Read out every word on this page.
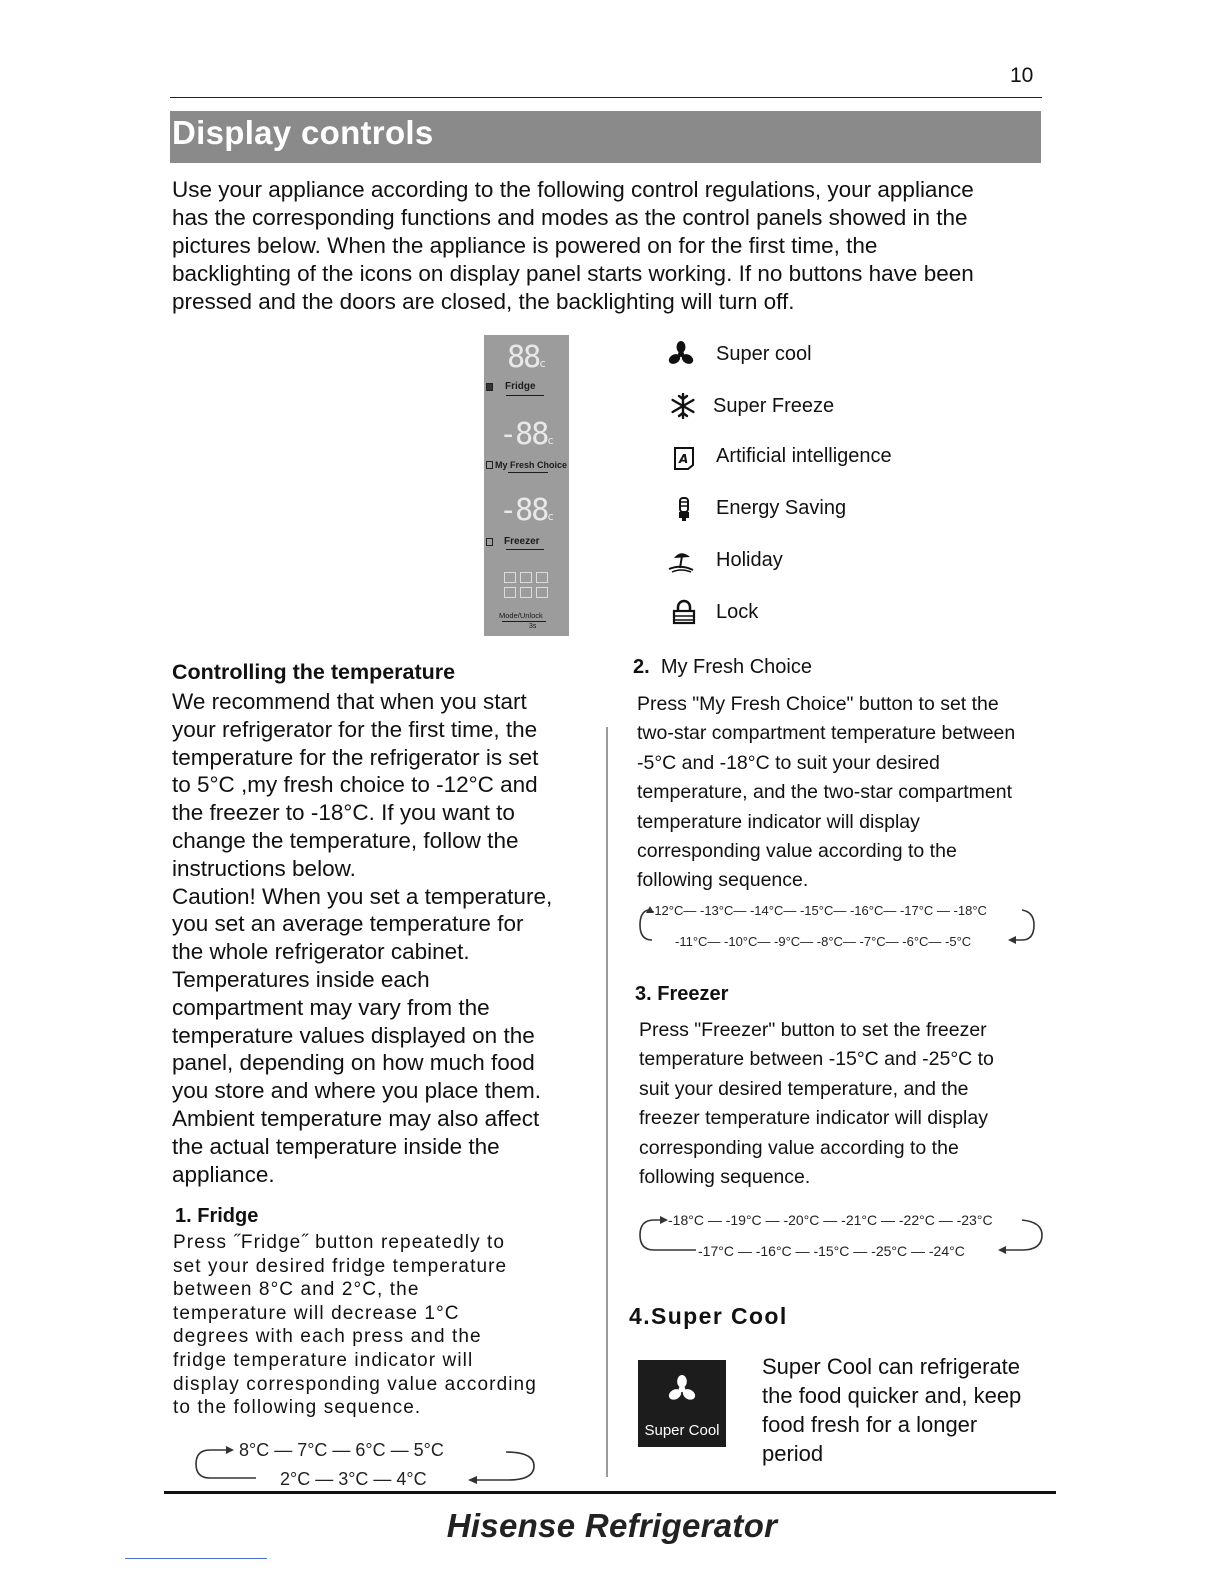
10
Display controls
Use your appliance according to the following control regulations, your appliance
has the corresponding functions and modes as the control panels showed in the
pictures below. When the appliance is powered on for the first time, the
backlighting of the icons on display panel starts working. If no buttons have been
pressed and the doors are closed, the backlighting will turn off.
88c
Fridge
-88c
My Fresh Choice
-88c
Freezer
Mode/Unlock
3s
Super cool
Super Freeze
A Artificial intelligence
Energy Saving
Holiday
Lock
Controlling the temperature
We recommend that when you start
your refrigerator for the first time, the
temperature for the refrigerator is set
to 5°C ,my fresh choice to -12°C and
the freezer to -18°C. If you want to
change the temperature, follow the
instructions below.
Caution! When you set a temperature,
you set an average temperature for
the whole refrigerator cabinet.
Temperatures inside each
compartment may vary from the
temperature values displayed on the
panel, depending on how much food
you store and where you place them.
Ambient temperature may also affect
the actual temperature inside the
appliance.
1. Fridge
Press ˝Fridge˝ button repeatedly to
set your desired fridge temperature
between 8°C and 2°C, the
temperature will decrease 1°C
degrees with each press and the
fridge temperature indicator will
display corresponding value according
to the following sequence.
8°C — 7°C — 6°C — 5°C
2°C — 3°C — 4°C
2. My Fresh Choice
Press "My Fresh Choice" button to set the
two-star compartment temperature between
-5°C and -18°C to suit your desired
temperature, and the two-star compartment
temperature indicator will display
corresponding value according to the
following sequence.
-12°C— -13°C— -14°C— -15°C— -16°C— -17°C — -18°C
-11°C— -10°C— -9°C— -8°C— -7°C— -6°C— -5°C
3. Freezer
Press "Freezer" button to set the freezer
temperature between -15°C and -25°C to
suit your desired temperature, and the
freezer temperature indicator will display
corresponding value according to the
following sequence.
-18°C — -19°C — -20°C — -21°C — -22°C — -23°C
-17°C — -16°C — -15°C — -25°C — -24°C
4.Super Cool
Super Cool
Super Cool can refrigerate
the food quicker and, keep
food fresh for a longer
period
Hisense Refrigerator
